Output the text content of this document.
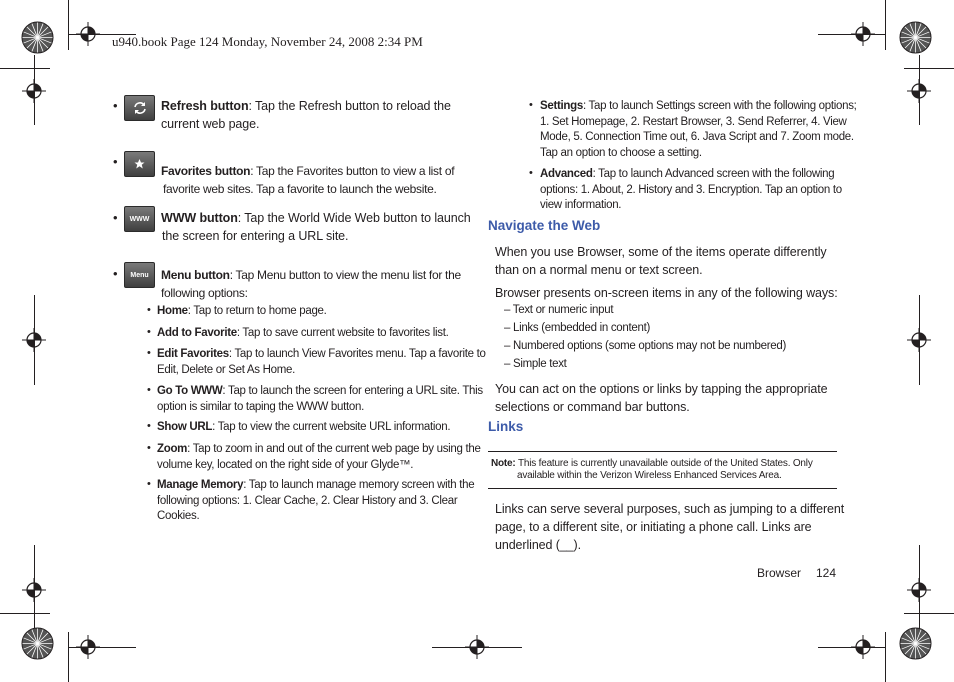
u940.book Page 124 Monday, November 24, 2008 2:34 PM
•	Refresh button: Tap the Refresh button to reload the
current web page.
•
Favorites button: Tap the Favorites button to view a list of
favorite web sites. Tap a favorite to launch the website.
• WWW WWW button: Tap the World Wide Web button to launch
the screen for entering a URL site.
• Menu Menu button: Tap Menu button to view the menu list for the
following options:
• Home: Tap to return to home page.
• Add to Favorite: Tap to save current website to favorites list.
• Edit Favorites: Tap to launch View Favorites menu. Tap a favorite to
Edit, Delete or Set As Home.
• Go To WWW: Tap to launch the screen for entering a URL site. This
option is similar to taping the WWW button.
• Show URL: Tap to view the current website URL information.
• Zoom: Tap to zoom in and out of the current web page by using the
volume key, located on the right side of your Glyde™.
• Manage Memory: Tap to launch manage memory screen with the
following options: 1. Clear Cache, 2. Clear History and 3. Clear
Cookies.
• Settings: Tap to launch Settings screen with the following options;
1. Set Homepage, 2. Restart Browser, 3. Send Referrer, 4. View
Mode, 5. Connection Time out, 6. Java Script and 7. Zoom mode.
Tap an option to choose a setting.
• Advanced: Tap to launch Advanced screen with the following
options: 1. About, 2. History and 3. Encryption. Tap an option to
view information.
Navigate the Web
When you use Browser, some of the items operate differently
than on a normal menu or text screen.
Browser presents on-screen items in any of the following ways:
– Text or numeric input
– Links (embedded in content)
– Numbered options (some options may not be numbered)
– Simple text
You can act on the options or links by tapping the appropriate
selections or command bar buttons.
Links
Note: This feature is currently unavailable outside of the United States. Only
available within the Verizon Wireless Enhanced Services Area.
Links can serve several purposes, such as jumping to a different
page, to a different site, or initiating a phone call. Links are
underlined (__).
Browser 124
